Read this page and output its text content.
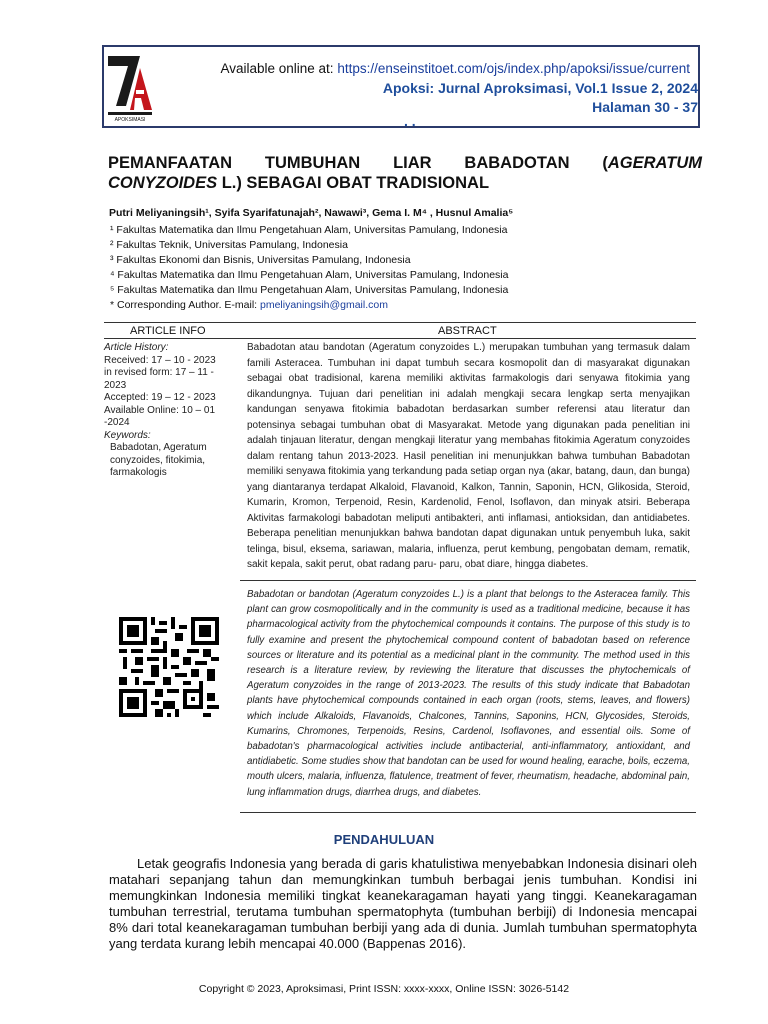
APOKSIMASI
Available online at: https://enseinstitoet.com/ojs/index.php/apoksi/issue/current
Apoksi: Jurnal Aproksimasi, Vol.1 Issue 2, 2024
Halaman 30 - 37
. .
PEMANFAATAN TUMBUHAN LIAR BABADOTAN (AGERATUM
CONYZOIDES L.) SEBAGAI OBAT TRADISIONAL
Putri Meliyaningsih¹, Syifa Syarifatunajah², Nawawi³, Gema I. M⁴ , Husnul Amalia⁵
¹ Fakultas Matematika dan Ilmu Pengetahuan Alam, Universitas Pamulang, Indonesia
² Fakultas Teknik, Universitas Pamulang, Indonesia
³ Fakultas Ekonomi dan Bisnis, Universitas Pamulang, Indonesia
⁴ Fakultas Matematika dan Ilmu Pengetahuan Alam, Universitas Pamulang, Indonesia
⁵ Fakultas Matematika dan Ilmu Pengetahuan Alam, Universitas Pamulang, Indonesia
* Corresponding Author. E-mail: pmeliyaningsih@gmail.com
ARTICLE INFO	ABSTRACT
Article History:
Received: 17 – 10 - 2023
in revised form: 17 – 11 - 2023
Accepted: 19 – 12 - 2023
Available Online: 10 – 01 -2024
Keywords:
Babadotan, Ageratum conyzoides, fitokimia, farmakologis
Babadotan atau bandotan (Ageratum conyzoides L.) merupakan tumbuhan yang termasuk dalam famili Asteracea. Tumbuhan ini dapat tumbuh secara kosmopolit dan di masyarakat digunakan sebagai obat tradisional, karena memiliki aktivitas farmakologis dari senyawa fitokimia yang dikandungnya. Tujuan dari penelitian ini adalah mengkaji secara lengkap serta menyajikan kandungan senyawa fitokimia babadotan berdasarkan sumber referensi atau literatur dan potensinya sebagai tumbuhan obat di Masyarakat. Metode yang digunakan pada penelitian ini adalah tinjauan literatur, dengan mengkaji literatur yang membahas fitokimia Ageratum conyzoides dalam rentang tahun 2013-2023. Hasil penelitian ini menunjukkan bahwa tumbuhan Babadotan memiliki senyawa fitokimia yang terkandung pada setiap organ nya (akar, batang, daun, dan bunga) yang diantaranya terdapat Alkaloid, Flavanoid, Kalkon, Tannin, Saponin, HCN, Glikosida, Steroid, Kumarin, Kromon, Terpenoid, Resin, Kardenolid, Fenol, Isoflavon, dan minyak atsiri. Beberapa Aktivitas farmakologi babadotan meliputi antibakteri, anti inflamasi, antioksidan, dan antidiabetes. Beberapa penelitian menunjukkan bahwa bandotan dapat digunakan untuk penyembuh luka, sakit telinga, bisul, eksema, sariawan, malaria, influenza, perut kembung, pengobatan demam, rematik, sakit kepala, sakit perut, obat radang paru- paru, obat diare, hingga diabetes.
Babadotan or bandotan (Ageratum conyzoides L.) is a plant that belongs to the Asteracea family. This plant can grow cosmopolitically and in the community is used as a traditional medicine, because it has pharmacological activity from the phytochemical compounds it contains. The purpose of this study is to fully examine and present the phytochemical compound content of babadotan based on reference sources or literature and its potential as a medicinal plant in the community. The method used in this research is a literature review, by reviewing the literature that discusses the phytochemicals of Ageratum conyzoides in the range of 2013-2023. The results of this study indicate that Babadotan plants have phytochemical compounds contained in each organ (roots, stems, leaves, and flowers) which include Alkaloids, Flavanoids, Chalcones, Tannins, Saponins, HCN, Glycosides, Steroids, Kumarins, Chromones, Terpenoids, Resins, Cardenol, Isoflavones, and essential oils. Some of babadotan's pharmacological activities include antibacterial, anti-inflammatory, antioxidant, and antidiabetic. Some studies show that bandotan can be used for wound healing, earache, boils, eczema, mouth ulcers, malaria, influenza, flatulence, treatment of fever, rheumatism, headache, abdominal pain, lung inflammation drugs, diarrhea drugs, and diabetes.
PENDAHULUAN

Letak geografis Indonesia yang berada di garis khatulistiwa menyebabkan Indonesia disinari oleh matahari sepanjang tahun dan memungkinkan tumbuh berbagai jenis tumbuhan. Kondisi ini memungkinkan Indonesia memiliki tingkat keanekaragaman hayati yang tinggi. Keanekaragaman tumbuhan terrestrial, terutama tumbuhan spermatophyta (tumbuhan berbiji) di Indonesia mencapai 8% dari total keanekaragaman tumbuhan berbiji yang ada di dunia. Jumlah tumbuhan spermatophyta yang terdata kurang lebih mencapai 40.000 (Bappenas 2016).

Copyright © 2023, Aproksimasi, Print ISSN: xxxx-xxxx, Online ISSN: 3026-5142
